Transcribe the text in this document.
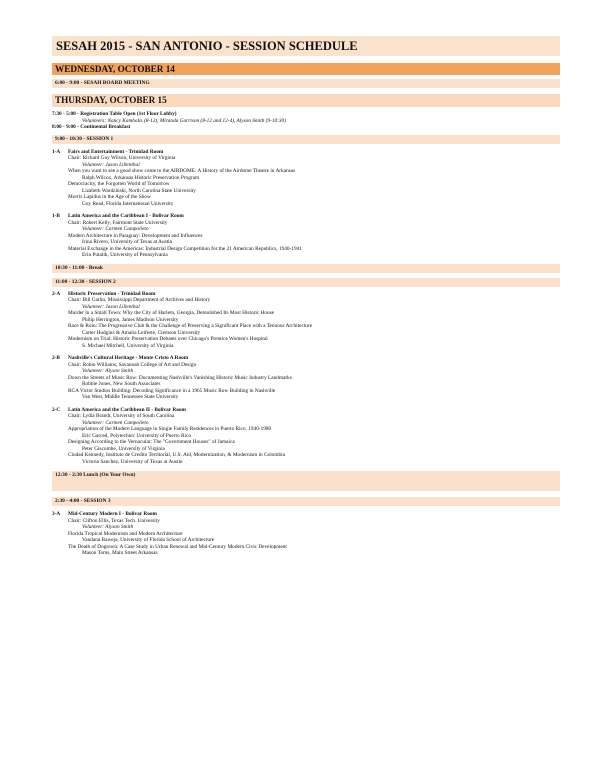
SESAH 2015 - SAN ANTONIO - SESSION SCHEDULE
WEDNESDAY, OCTOBER 14
6:00 - 9:00 - SESAH BOARD MEETING
THURSDAY, OCTOBER 15
7:30 - 5:00 - Registration Table Open (1st Floor Lobby)
Volunteers: Nancy Kambalis (8-12), Miranda Garrison (8-12 and 12-4), Alyson Smith (9-10:30)
8:00 - 9:00 - Continental Breakfast
9:00 - 10:30 - SESSION 1
1-A	Fairs and Entertainment - Trinidad Room
Chair: Richard Guy Wilson, University of Virginia
Volunteer: Jason Lillenthal
When you want to see a good show come to the AIRDOME: A History of the Airdome Theatre in Arkansas
Ralph Wilcox, Arkansas Historic Preservation Program
Democracity, the Forgotten World of Tomorrow
Lizabeth Wardzinski, North Carolina State University
Morris Lapidus in the Age of the Show
Guy Read, Florida International University
1-B	Latin America and the Caribbean I - Bolivar Room
Chair: Robert Kelly, Fairmont State University
Volunteer: Carmen Campolieto
Modern Architecture in Paraguay: Development and Influences
Irina Rivero, University of Texas at Austin
Material Exchange in the Americas: Industrial Design Competition for the 21 American Republics, 1940-1941
Erin Putalik, University of Pennsylvania
10:30 - 11:00 - Break
11:00 - 12:30 - SESSION 2
2-A	Historic Preservation - Trinidad Room
Chair: Bill Gatlin, Mississippi Department of Archives and History
Volunteer: Jason Lillenthal
Murder in a Small Town: Why the City of Harlem, Georgia, Demolished Its Most Historic House
Philip Herrington, James Madison University
Race & Ruin: The Progressive Club & the Challenge of Preserving a Significant Place with a Tenuous Architecture
Carter Hudgins & Amalia Leifeste, Clemson University
Modernism on Trial: Historic Preservation Debates over Chicago's Prentice Women's Hospital
S. Michael Mitchell, University of Virginia
2-B	Nashville's Cultural Heritage - Monte Cristo A Room
Chair: Robin Williams, Savannah College of Art and Design
Volunteer: Alyson Smith
Down the Streets of Music Row: Documenting Nashville's Vanishing Historic Music Industry Landmarks
Robbie Jones, New South Associates
RCA Victor Studios Building: Decoding Significance in a 1965 Music Row Building in Nashville
Van West, Middle Tennessee State University
2-C	Latin America and the Caribbean II - Bolivar Room
Chair: Lydia Brandt, University of South Carolina
Volunteer: Carmen Campolieto
Appropriation of the Modern Language in Single Family Residences in Puerto Rico, 1940-1980
Eric Garced, Polytechnic University of Puerto Rico
Designing According to the Vernacular: The "Government Houses" of Jamaica
Peter Giscombe, University of Virginia
Ciudad Kennedy, Instituto de Credito Territorial, U.S. Aid, Modernization, & Modernism in Colombia
Victoria Sanchez, University of Texas at Austin
12:30 - 2:30 Lunch (On Your Own)
2:30 - 4:00 - SESSION 3
3-A	Mid-Century Modern I - Bolivar Room
Chair: Clifton Ellis, Texas Tech. University
Volunteer: Alyson Smith
Florida Tropical Modernism and Modern Architecture
Vandana Baweja, University of Florida School of Architecture
The Death of Dogtown: A Case Study in Urban Renewal and Mid-Century Modern Civic Development
Mason Toms, Main Street Arkansas
